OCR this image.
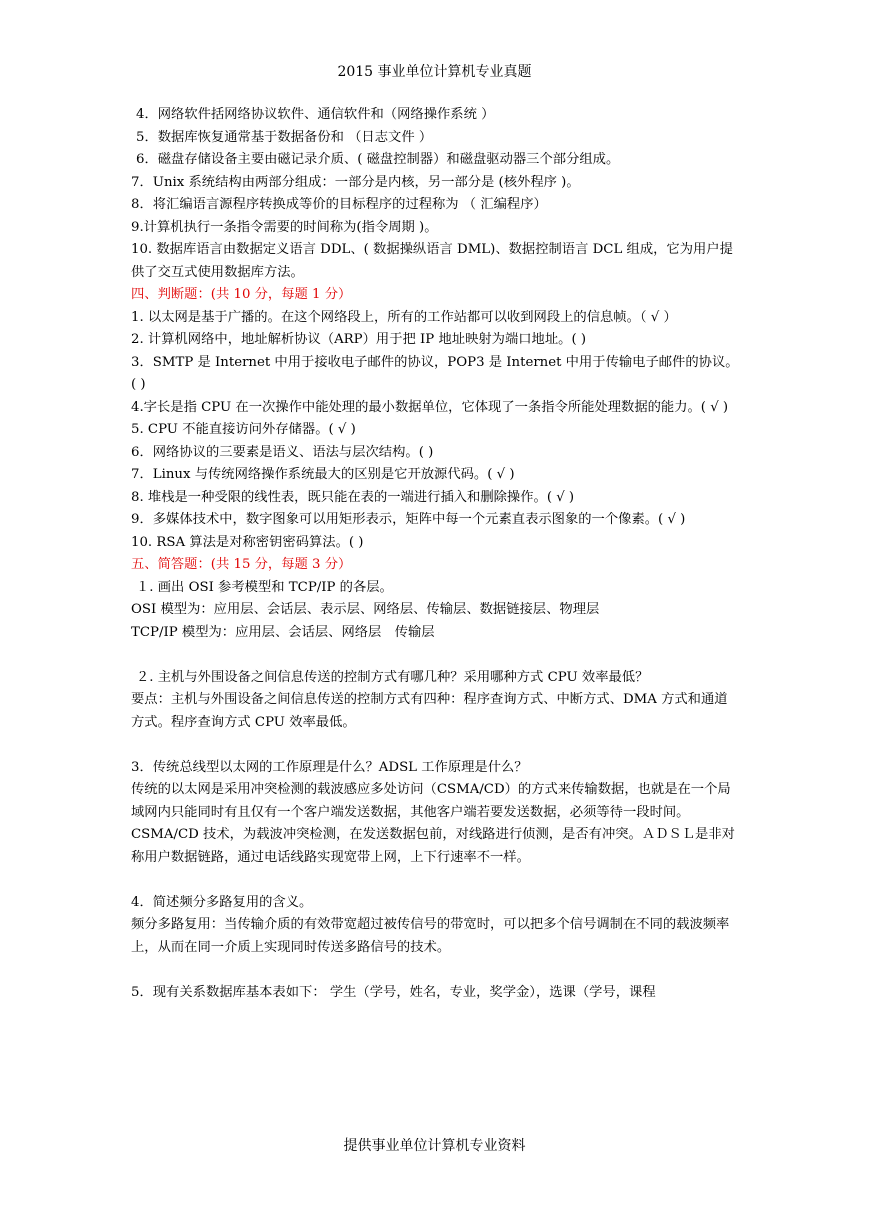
2015 事业单位计算机专业真题

4．网络软件括网络协议软件、通信软件和（网络操作系统 ）

5．数据库恢复通常基于数据备份和 （日志文件 ）

6．磁盘存储设备主要由磁记录介质、( 磁盘控制器）和磁盘驱动器三个部分组成。

7．Unix 系统结构由两部分组成：一部分是内核，另一部分是 (核外程序 )。

8．将汇编语言源程序转换成等价的目标程序的过程称为 （ 汇编程序）

9.计算机执行一条指令需要的时间称为(指令周期 )。

10. 数据库语言由数据定义语言 DDL、( 数据操纵语言 DML)、数据控制语言 DCL 组成，它为用户提供了交互式使用数据库方法。

四、判断题：(共 10 分，每题 1 分）

1. 以太网是基于广播的。在这个网络段上，所有的工作站都可以收到网段上的信息帧。（ √ ）

2. 计算机网络中，地址解析协议（ARP）用于把 IP 地址映射为端口地址。( )

3．SMTP 是 Internet 中用于接收电子邮件的协议，POP3 是 Internet 中用于传输电子邮件的协议。( )

4.字长是指 CPU 在一次操作中能处理的最小数据单位，它体现了一条指令所能处理数据的能力。( √ )

5. CPU 不能直接访问外存储器。( √ )

6．网络协议的三要素是语义、语法与层次结构。( )

7．Linux 与传统网络操作系统最大的区别是它开放源代码。( √ )

8. 堆栈是一种受限的线性表，既只能在表的一端进行插入和删除操作。( √ )

9．多媒体技术中，数字图象可以用矩形表示，矩阵中每一个元素直表示图象的一个像素。( √ )

10. RSA 算法是对称密钥密码算法。( )

五、简答题：(共 15 分，每题 3 分）

１. 画出 OSI 参考模型和 TCP/IP 的各层。

OSI 模型为：应用层、会话层、表示层、网络层、传输层、数据链接层、物理层

TCP/IP 模型为：应用层、会话层、网络层　传输层

２. 主机与外围设备之间信息传送的控制方式有哪几种？采用哪种方式 CPU 效率最低？

要点：主机与外围设备之间信息传送的控制方式有四种：程序查询方式、中断方式、DMA 方式和通道方式。程序查询方式 CPU 效率最低。

3．传统总线型以太网的工作原理是什么？ADSL 工作原理是什么？

传统的以太网是采用冲突检测的载波感应多处访问（CSMA/CD）的方式来传输数据，也就是在一个局域网内只能同时有且仅有一个客户端发送数据，其他客户端若要发送数据，必须等待一段时间。CSMA/CD 技术，为载波冲突检测，在发送数据包前，对线路进行侦测，是否有冲突。ＡＤＳＬ是非对称用户数据链路，通过电话线路实现宽带上网，上下行速率不一样。

4．简述频分多路复用的含义。

频分多路复用：当传输介质的有效带宽超过被传信号的带宽时，可以把多个信号调制在不同的载波频率上，从而在同一介质上实现同时传送多路信号的技术。

5．现有关系数据库基本表如下： 学生（学号，姓名，专业，奖学金），选课（学号，课程

提供事业单位计算机专业资料
